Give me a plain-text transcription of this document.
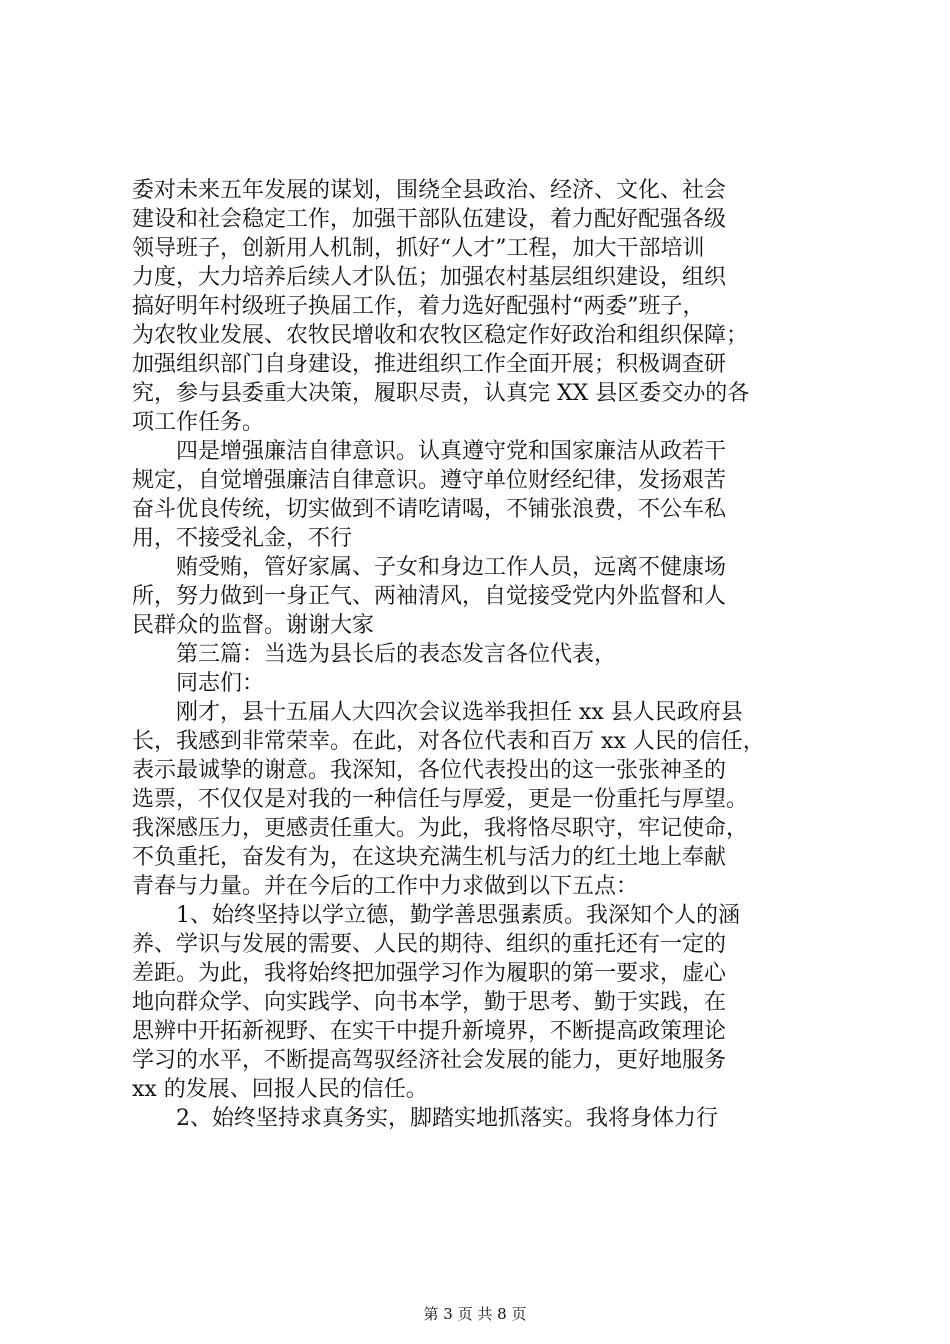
委对未来五年发展的谋划，围绕全县政治、经济、文化、社会
建设和社会稳定工作，加强干部队伍建设，着力配好配强各级
领导班子，创新用人机制，抓好“人才”工程，加大干部培训
力度，大力培养后续人才队伍；加强农村基层组织建设，组织
搞好明年村级班子换届工作，着力选好配强村“两委”班子，
为农牧业发展、农牧民增收和农牧区稳定作好政治和组织保障；
加强组织部门自身建设，推进组织工作全面开展；积极调查研
究，参与县委重大决策，履职尽责，认真完 XX 县区委交办的各
项工作任务。
四是增强廉洁自律意识。认真遵守党和国家廉洁从政若干
规定，自觉增强廉洁自律意识。遵守单位财经纪律，发扬艰苦
奋斗优良传统，切实做到不请吃请喝，不铺张浪费，不公车私
用，不接受礼金，不行
贿受贿，管好家属、子女和身边工作人员，远离不健康场
所，努力做到一身正气、两袖清风，自觉接受党内外监督和人
民群众的监督。谢谢大家
第三篇：当选为县长后的表态发言各位代表，
同志们：
刚才，县十五届人大四次会议选举我担任 xx 县人民政府县
长，我感到非常荣幸。在此，对各位代表和百万 xx 人民的信任，
表示最诚挚的谢意。我深知，各位代表投出的这一张张神圣的
选票，不仅仅是对我的一种信任与厚爱，更是一份重托与厚望。
我深感压力，更感责任重大。为此，我将恪尽职守，牢记使命，
不负重托，奋发有为，在这块充满生机与活力的红土地上奉献
青春与力量。并在今后的工作中力求做到以下五点：
1、始终坚持以学立德，勤学善思强素质。我深知个人的涵
养、学识与发展的需要、人民的期待、组织的重托还有一定的
差距。为此，我将始终把加强学习作为履职的第一要求，虚心
地向群众学、向实践学、向书本学，勤于思考、勤于实践，在
思辨中开拓新视野、在实干中提升新境界，不断提高政策理论
学习的水平，不断提高驾驭经济社会发展的能力，更好地服务
xx 的发展、回报人民的信任。
2、始终坚持求真务实，脚踏实地抓落实。我将身体力行
第 3 页 共 8 页
